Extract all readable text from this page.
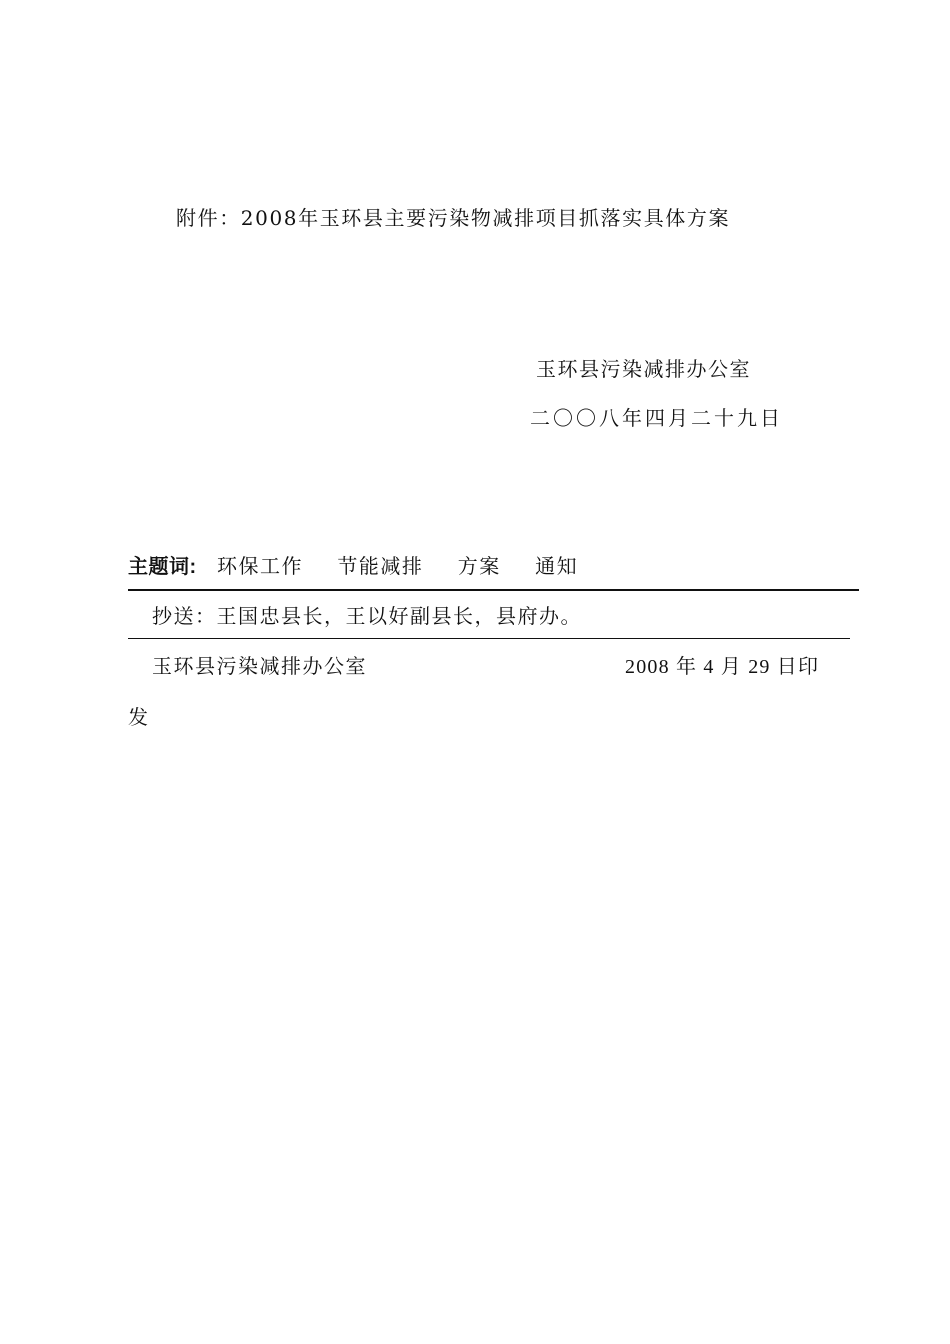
附件：2008年玉环县主要污染物减排项目抓落实具体方案
玉环县污染减排办公室
二〇〇八年四月二十九日
主题词: 环保工作 节能减排 方案 通知
抄送：王国忠县长，王以好副县长，县府办。
玉环县污染减排办公室	2008 年 4 月 29 日印
发
